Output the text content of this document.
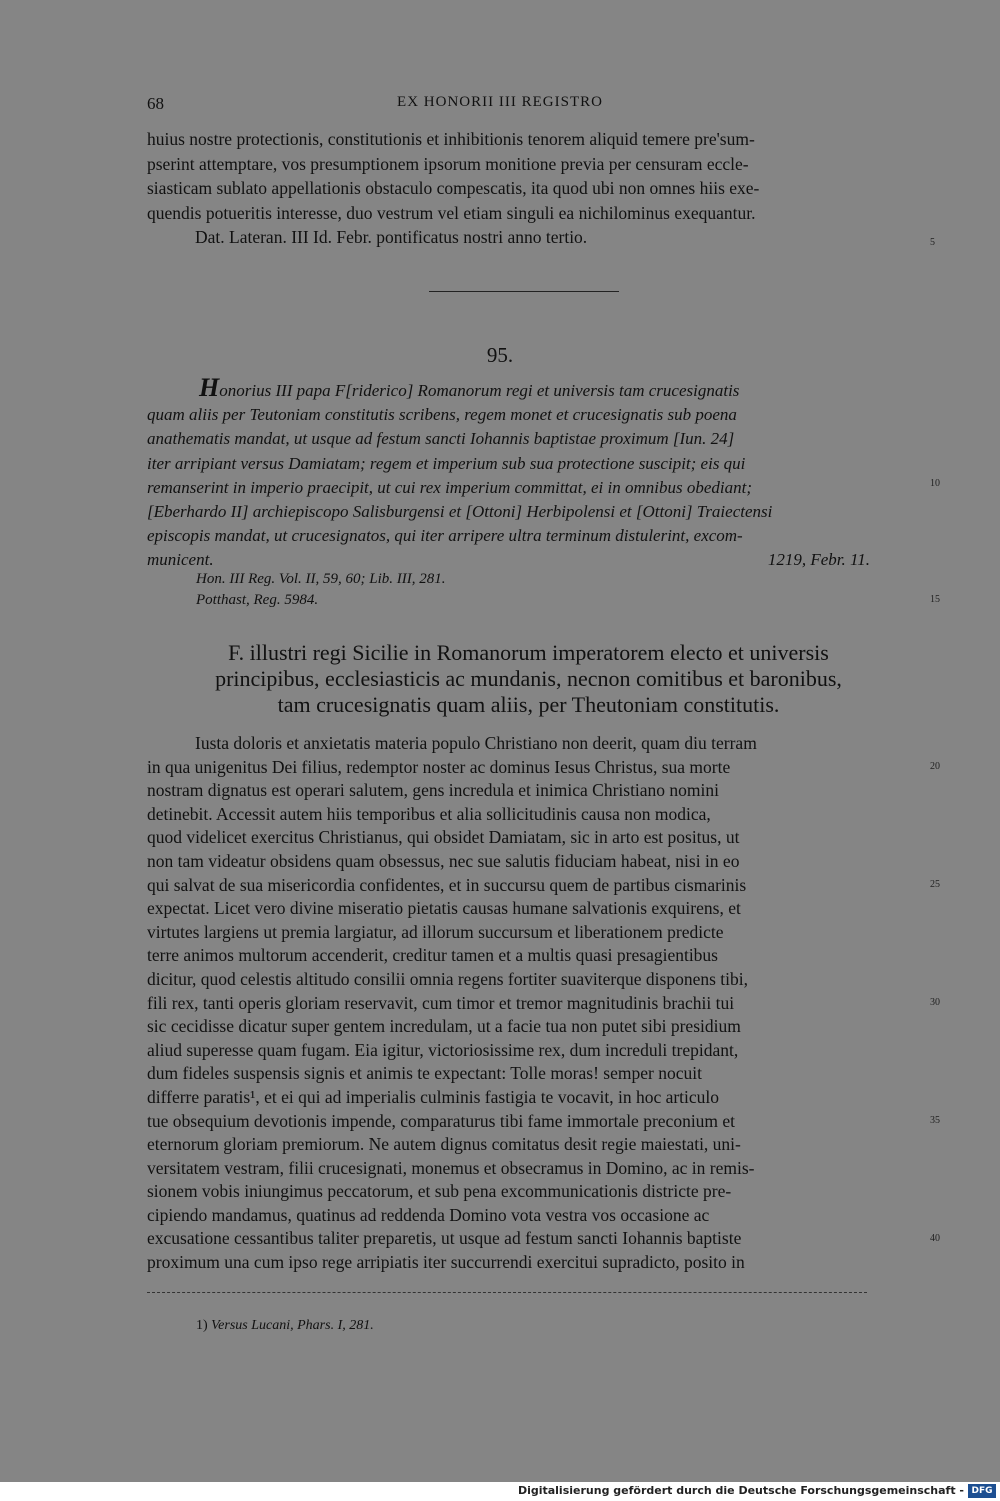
68	EX HONORII III REGISTRO
huius nostre protectionis, constitutionis et inhibitionis tenorem aliquid temere pre'sum-
pserint attemptare, vos presumptionem ipsorum monitione previa per censuram eccle-
siasticam sublato appellationis obstaculo compescatis, ita quod ubi non omnes hiis exe-
quendis potueritis interesse, duo vestrum vel etiam singuli ea nichilominus exequantur.
Dat. Lateran. III Id. Febr. pontificatus nostri anno tertio.	5
95.
Honorius III papa F[riderico] Romanorum regi et universis tam crucesignatis
quam aliis per Teutoniam constitutis scribens, regem monet et crucesignatis sub poena
anathematis mandat, ut usque ad festum sancti Iohannis baptistae proximum [Iun. 24]
iter arripiant versus Damiatam; regem et imperium sub sua protectione suscipit; eis qui
remanserint in imperio praecipit, ut cui rex imperium committat, ei in omnibus obediant;
[Eberhardo II] archiepiscopo Salisburgensi et [Ottoni] Herbipolensi et [Ottoni] Traiectensi
episcopis mandat, ut crucesignatos, qui iter arripere ultra terminum distulerint, excom-
municent.	1219, Febr. 11.
10
Hon. III Reg. Vol. II, 59, 60; Lib. III, 281.
Potthast, Reg. 5984.	15
F. illustri regi Sicilie in Romanorum imperatorem electo et universis
principibus, ecclesiasticis ac mundanis, necnon comitibus et baronibus,
tam crucesignatis quam aliis, per Theutoniam constitutis.
Iusta doloris et anxietatis materia populo Christiano non deerit, quam diu terram
in qua unigenitus Dei filius, redemptor noster ac dominus Iesus Christus, sua morte
nostram dignatus est operari salutem, gens incredula et inimica Christiano nomini
detinebit. Accessit autem hiis temporibus et alia sollicitudinis causa non modica,
quod videlicet exercitus Christianus, qui obsidet Damiatam, sic in arto est positus, ut
non tam videatur obsidens quam obsessus, nec sue salutis fiduciam habeat, nisi in eo
qui salvat de sua misericordia confidentes, et in succursu quem de partibus cismarinis
expectat. Licet vero divine miseratio pietatis causas humane salvationis exquirens, et
virtutes largiens ut premia largiatur, ad illorum succursum et liberationem predicte
terre animos multorum accenderit, creditur tamen et a multis quasi presagientibus
dicitur, quod celestis altitudo consilii omnia regens fortiter suaviterque disponens tibi,
fili rex, tanti operis gloriam reservavit, cum timor et tremor magnitudinis brachii tui
sic cecidisse dicatur super gentem incredulam, ut a facie tua non putet sibi presidium
aliud superesse quam fugam. Eia igitur, victoriosissime rex, dum increduli trepidant,
dum fideles suspensis signis et animis te expectant: Tolle moras! semper nocuit
differre paratis¹, et ei qui ad imperialis culminis fastigia te vocavit, in hoc articulo
tue obsequium devotionis impende, comparaturus tibi fame immortale preconium et
eternorum gloriam premiorum. Ne autem dignus comitatus desit regie maiestati, uni-
versitatem vestram, filii crucesignati, monemus et obsecramus in Domino, ac in remis-
sionem vobis iniungimus peccatorum, et sub pena excommunicationis districte pre-
cipiendo mandamus, quatinus ad reddenda Domino vota vestra vos occasione ac
excusatione cessantibus taliter preparetis, ut usque ad festum sancti Iohannis baptiste
proximum una cum ipso rege arripiatis iter succurrendi exercitui supradicto, posito in
20
25
30
35
40
1) Versus Lucani, Phars. I, 281.
Digitalisierung gefördert durch die Deutsche Forschungsgemeinschaft - DFG
